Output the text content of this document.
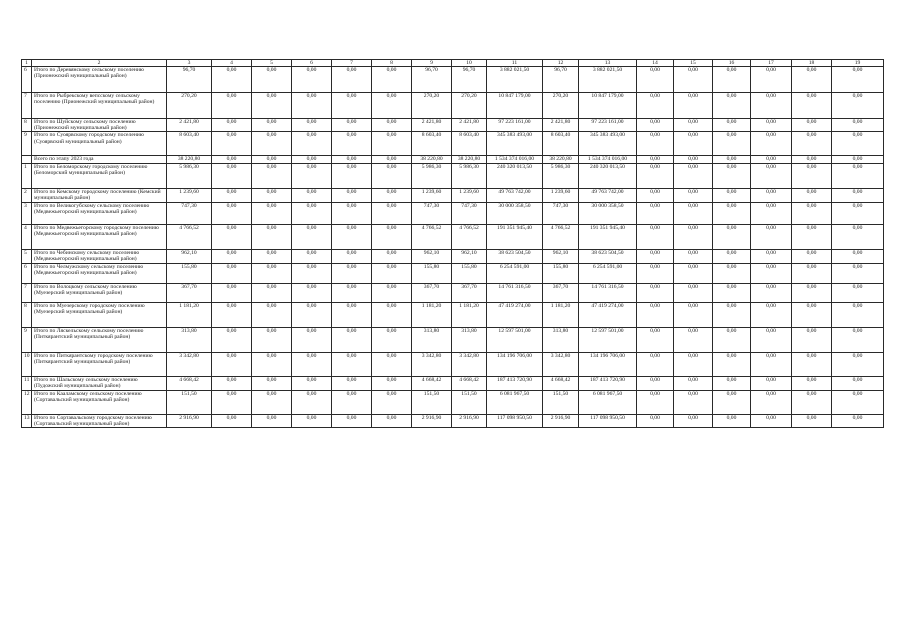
1	2	3	4	5	6	7	8	9	10	11	12	13	14	15	16	17	18	19
6	Итого по Деревянскому сельскому поселению (Прионежский муниципальный район)	96,70	0,00	0,00	0,00	0,00	0,00	96,70	96,70	3 882 021,50	96,70	3 882 021,50	0,00	0,00	0,00	0,00	0,00	0,00
7	Итого по Рыбрекскому вепсскому сельскому поселению (Прионежский муниципальный район)	270,20	0,00	0,00	0,00	0,00	0,00	270,20	270,20	10 847 179,00	270,20	10 847 179,00	0,00	0,00	0,00	0,00	0,00	0,00
8	Итого по Шуйскому сельскому поселению (Прионежский муниципальный район)	2 421,80	0,00	0,00	0,00	0,00	0,00	2 421,80	2 421,80	97 223 161,00	2 421,80	97 223 161,00	0,00	0,00	0,00	0,00	0,00	0,00
9	Итого по Суоярвскому городскому поселению (Суоярвский муниципальный район)	8 603,40	0,00	0,00	0,00	0,00	0,00	8 603,40	8 603,40	345 383 493,00	8 603,40	345 383 493,00	0,00	0,00	0,00	0,00	0,00	0,00
	Всего по этапу 2023 года	38 220,80	0,00	0,00	0,00	0,00	0,00	38 220,80	38 220,80	1 534 374 016,00	38 220,80	1 534 374 016,00	0,00	0,00	0,00	0,00	0,00	0,00
1	Итого по Беломорскому городскому поселению (Беломорский муниципальный район)	5 986,30	0,00	0,00	0,00	0,00	0,00	5 986,30	5 986,30	240 320 013,50	5 986,30	240 320 013,50	0,00	0,00	0,00	0,00	0,00	0,00
2	Итого по Кемскому городскому поселению (Кемский муниципальный район)	1 239,60	0,00	0,00	0,00	0,00	0,00	1 239,60	1 239,60	49 763 742,00	1 239,60	49 763 742,00	0,00	0,00	0,00	0,00	0,00	0,00
3	Итого по Великогубскому сельскому поселению (Медвежьегорский муниципальный район)	747,30	0,00	0,00	0,00	0,00	0,00	747,30	747,30	30 000 358,50	747,30	30 000 358,50	0,00	0,00	0,00	0,00	0,00	0,00
4	Итого по Медвежьегорскому городскому поселению (Медвежьегорский муниципальный район)	4 766,52	0,00	0,00	0,00	0,00	0,00	4 766,52	4 766,52	191 351 945,40	4 766,52	191 351 945,40	0,00	0,00	0,00	0,00	0,00	0,00
5	Итого по Чебинскому сельскому поселению (Медвежьегорский муниципальный район)	962,10	0,00	0,00	0,00	0,00	0,00	962,10	962,10	38 623 504,50	962,10	38 623 504,50	0,00	0,00	0,00	0,00	0,00	0,00
6	Итого по Челмужскому сельскому поселению (Медвежьегорский муниципальный район)	155,80	0,00	0,00	0,00	0,00	0,00	155,80	155,80	6 254 591,00	155,80	6 254 591,00	0,00	0,00	0,00	0,00	0,00	0,00
7	Итого по Волоцкому сельскому поселению (Муезерский муниципальный район)	367,70	0,00	0,00	0,00	0,00	0,00	367,70	367,70	14 761 316,50	367,70	14 761 316,50	0,00	0,00	0,00	0,00	0,00	0,00
8	Итого по Муезерскому городскому поселению (Муезерский муниципальный район)	1 181,20	0,00	0,00	0,00	0,00	0,00	1 181,20	1 181,20	47 419 274,00	1 181,20	47 419 274,00	0,00	0,00	0,00	0,00	0,00	0,00
9	Итого по Ляскельскому сельскому поселению (Питкярантский муниципальный район)	313,80	0,00	0,00	0,00	0,00	0,00	313,80	313,80	12 597 501,00	313,80	12 597 501,00	0,00	0,00	0,00	0,00	0,00	0,00
10	Итого по Питкярантскому городскому поселению (Питкярантский муниципальный район)	3 342,80	0,00	0,00	0,00	0,00	0,00	3 342,80	3 342,80	134 196 706,00	3 342,80	134 196 706,00	0,00	0,00	0,00	0,00	0,00	0,00
11	Итого по Шальскому сельскому поселению (Пудожский муниципальный район)	4 668,42	0,00	0,00	0,00	0,00	0,00	4 668,42	4 668,42	187 413 720,90	4 668,42	187 413 720,90	0,00	0,00	0,00	0,00	0,00	0,00
12	Итого по Кааламскому сельскому поселению (Сортавальский муниципальный район)	151,50	0,00	0,00	0,00	0,00	0,00	151,50	151,50	6 081 967,50	151,50	6 081 967,50	0,00	0,00	0,00	0,00	0,00	0,00
13	Итого по Сортавальскому городскому поселению (Сортавальский муниципальный район)	2 916,90	0,00	0,00	0,00	0,00	0,00	2 916,90	2 916,90	117 098 950,50	2 916,90	117 098 950,50	0,00	0,00	0,00	0,00	0,00	0,00
